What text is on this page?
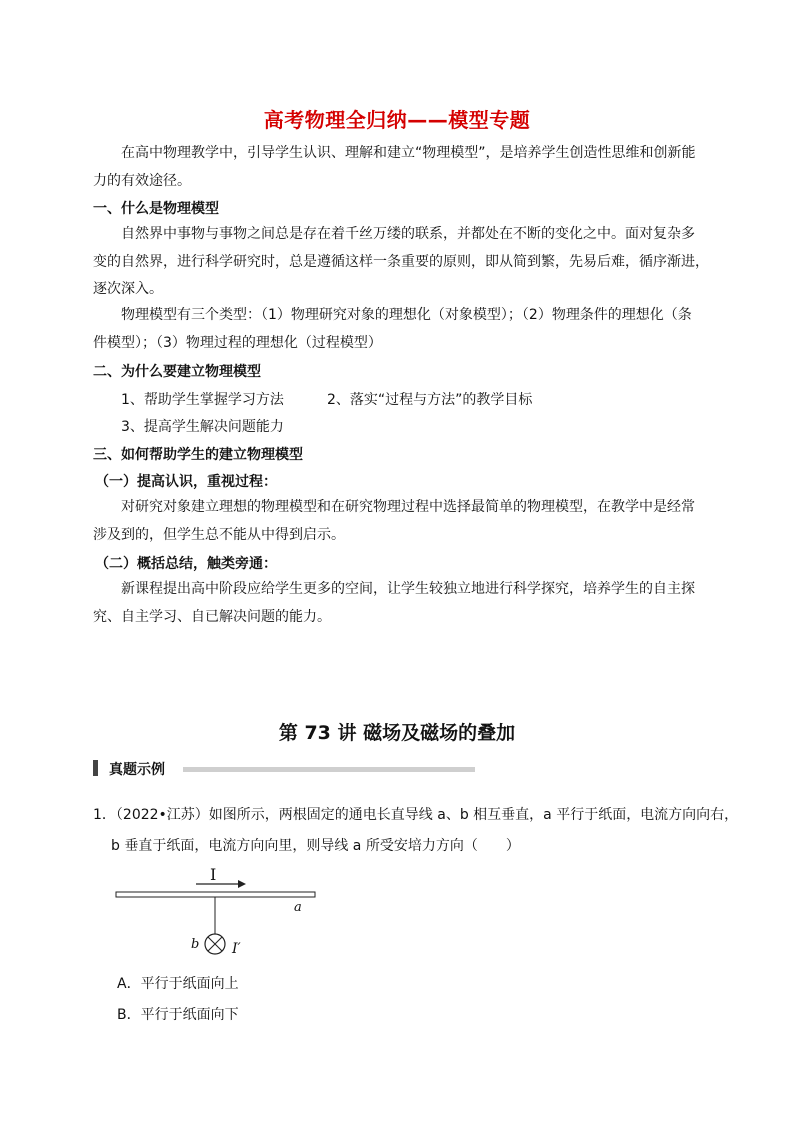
高考物理全归纳——模型专题
在高中物理教学中，引导学生认识、理解和建立“物理模型”，是培养学生创造性思维和创新能
力的有效途径。
一、什么是物理模型
自然界中事物与事物之间总是存在着千丝万缕的联系，并都处在不断的变化之中。面对复杂多
变的自然界，进行科学研究时，总是遵循这样一条重要的原则，即从简到繁，先易后难，循序渐进，
逐次深入。
物理模型有三个类型：（1）物理研究对象的理想化（对象模型）；（2）物理条件的理想化（条
件模型）；（3）物理过程的理想化（过程模型）
二、为什么要建立物理模型
1、帮助学生掌握学习方法	2、落实“过程与方法”的教学目标
3、提高学生解决问题能力
三、如何帮助学生的建立物理模型
（一）提高认识，重视过程：
对研究对象建立理想的物理模型和在研究物理过程中选择最简单的物理模型，在教学中是经常
涉及到的，但学生总不能从中得到启示。
（二）概括总结，触类旁通：
新课程提出高中阶段应给学生更多的空间，让学生较独立地进行科学探究，培养学生的自主探
究、自主学习、自已解决问题的能力。
第 73 讲 磁场及磁场的叠加
真题示例
1．（2022•江苏）如图所示，两根固定的通电长直导线 a、b 相互垂直，a 平行于纸面，电流方向向右，
b 垂直于纸面，电流方向向里，则导线 a 所受安培力方向（　　）
I
a
b I′
A．平行于纸面向上
B．平行于纸面向下
